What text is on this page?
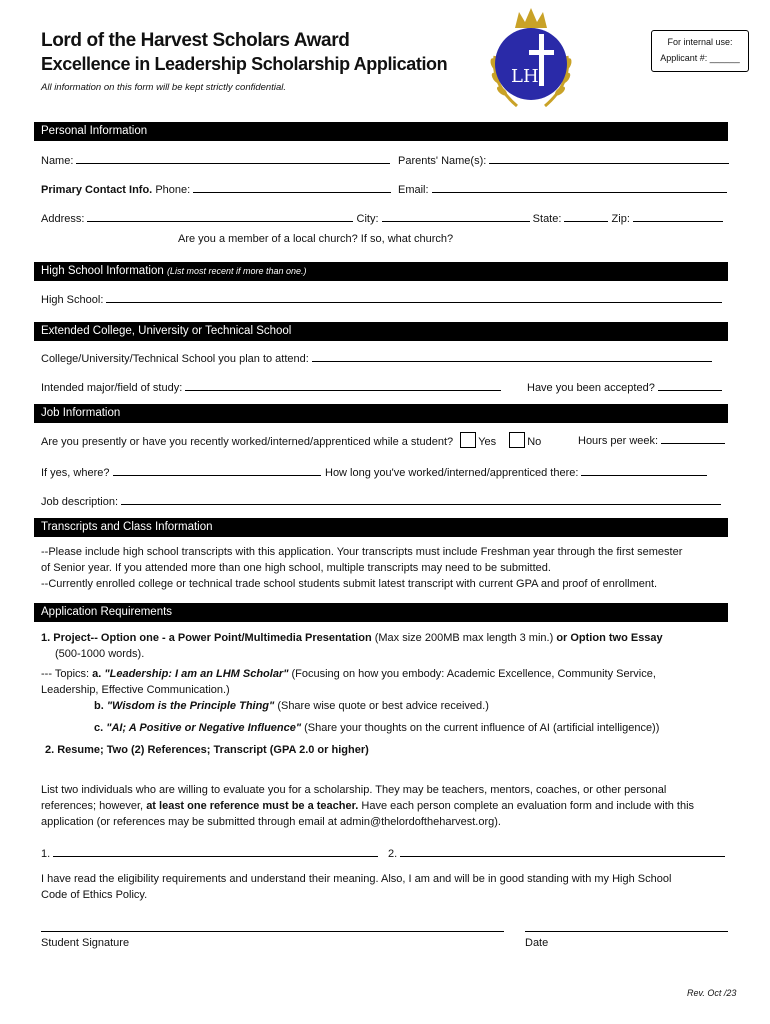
Lord of the Harvest Scholars Award
Excellence in Leadership Scholarship Application
All information on this form will be kept strictly confidential.
LH
For internal use:
Applicant #: ______
Personal Information
Name:	Parents' Name(s):
Primary Contact Info. Phone:	Email:
Address:	City:	State:	Zip:
Are you a member of a local church? If so, what church?
High School Information (List most recent if more than one.)
High School:
Extended College, University or Technical School
College/University/Technical School you plan to attend:
Intended major/field of study:	Have you been accepted?
Job Information
Are you presently or have you recently worked/interned/apprenticed while a student? Yes	No	Hours per week:
If yes, where?	How long you've worked/interned/apprenticed there:
Job description:
Transcripts and Class Information
--Please include high school transcripts with this application. Your transcripts must include Freshman year through the first semester
of Senior year. If you attended more than one high school, multiple transcripts may need to be submitted.
--Currently enrolled college or technical trade school students submit latest transcript with current GPA and proof of enrollment.
Application Requirements
1. Project-- Option one - a Power Point/Multimedia Presentation (Max size 200MB max length 3 min.) or Option two Essay
(500-1000 words).
--- Topics: a. "Leadership: I am an LHM Scholar" (Focusing on how you embody: Academic Excellence, Community Service,
Leadership, Effective Communication.)
b. "Wisdom is the Principle Thing" (Share wise quote or best advice received.)
c. "AI; A Positive or Negative Influence" (Share your thoughts on the current influence of AI (artificial intelligence))
2. Resume; Two (2) References; Transcript (GPA 2.0 or higher)
List two individuals who are willing to evaluate you for a scholarship. They may be teachers, mentors, coaches, or other personal
references; however, at least one reference must be a teacher. Have each person complete an evaluation form and include with this
application (or references may be submitted through email at admin@thelordoftheharvest.org).
1.	2.
I have read the eligibility requirements and understand their meaning. Also, I am and will be in good standing with my High School
Code of Ethics Policy.
Student Signature	Date
Rev. Oct /23
